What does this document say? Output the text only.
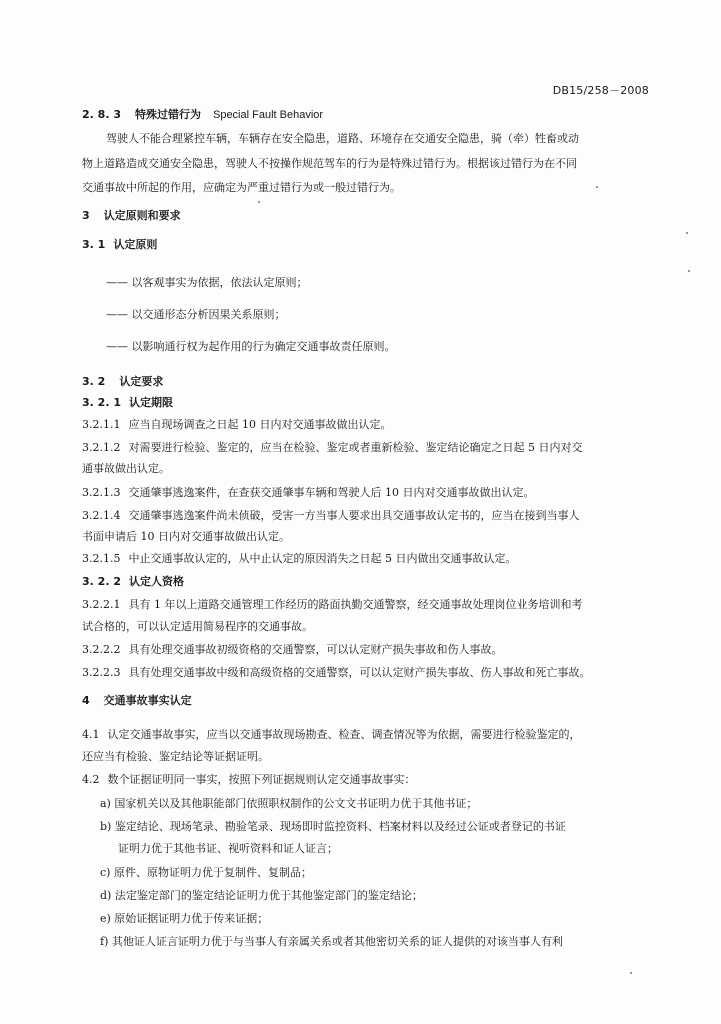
DB15/258－2008
2. 8. 3 特殊过错行为 Special Fault Behavior
驾驶人不能合理紧控车辆，车辆存在安全隐患，道路、环境存在交通安全隐患，骑（牵）牲畜或动
物上道路造成交通安全隐患，驾驶人不按操作规范驾车的行为是特殊过错行为。根据该过错行为在不同
交通事故中所起的作用，应确定为严重过错行为或一般过错行为。
3 认定原则和要求
3. 1 认定原则
—— 以客观事实为依据，依法认定原则；
—— 以交通形态分析因果关系原则；
—— 以影响通行权为起作用的行为确定交通事故责任原则。
3. 2 认定要求
3. 2. 1 认定期限
3.2.1.1 应当自现场调查之日起 10 日内对交通事故做出认定。
3.2.1.2 对需要进行检验、鉴定的，应当在检验、鉴定或者重新检验、鉴定结论确定之日起 5 日内对交
通事故做出认定。
3.2.1.3 交通肇事逃逸案件，在查获交通肇事车辆和驾驶人后 10 日内对交通事故做出认定。
3.2.1.4 交通肇事逃逸案件尚未侦破，受害一方当事人要求出具交通事故认定书的，应当在接到当事人
书面申请后 10 日内对交通事故做出认定。
3.2.1.5 中止交通事故认定的，从中止认定的原因消失之日起 5 日内做出交通事故认定。
3. 2. 2 认定人资格
3.2.2.1 具有 1 年以上道路交通管理工作经历的路面执勤交通警察，经交通事故处理岗位业务培训和考
试合格的，可以认定适用简易程序的交通事故。
3.2.2.2 具有处理交通事故初级资格的交通警察，可以认定财产损失事故和伤人事故。
3.2.2.3 具有处理交通事故中级和高级资格的交通警察，可以认定财产损失事故、伤人事故和死亡事故。
4 交通事故事实认定
4.1 认定交通事故事实，应当以交通事故现场勘查、检查、调查情况等为依据，需要进行检验鉴定的，
还应当有检验、鉴定结论等证据证明。
4.2 数个证据证明同一事实，按照下列证据规则认定交通事故事实：
a) 国家机关以及其他职能部门依照职权制作的公文文书证明力优于其他书证；
b) 鉴定结论、现场笔录、勘验笔录、现场即时监控资料、档案材料以及经过公证或者登记的书证
证明力优于其他书证、视听资料和证人证言；
c) 原件、原物证明力优于复制件、复制品；
d) 法定鉴定部门的鉴定结论证明力优于其他鉴定部门的鉴定结论；
e) 原始证据证明力优于传来证据；
f) 其他证人证言证明力优于与当事人有亲属关系或者其他密切关系的证人提供的对该当事人有利
